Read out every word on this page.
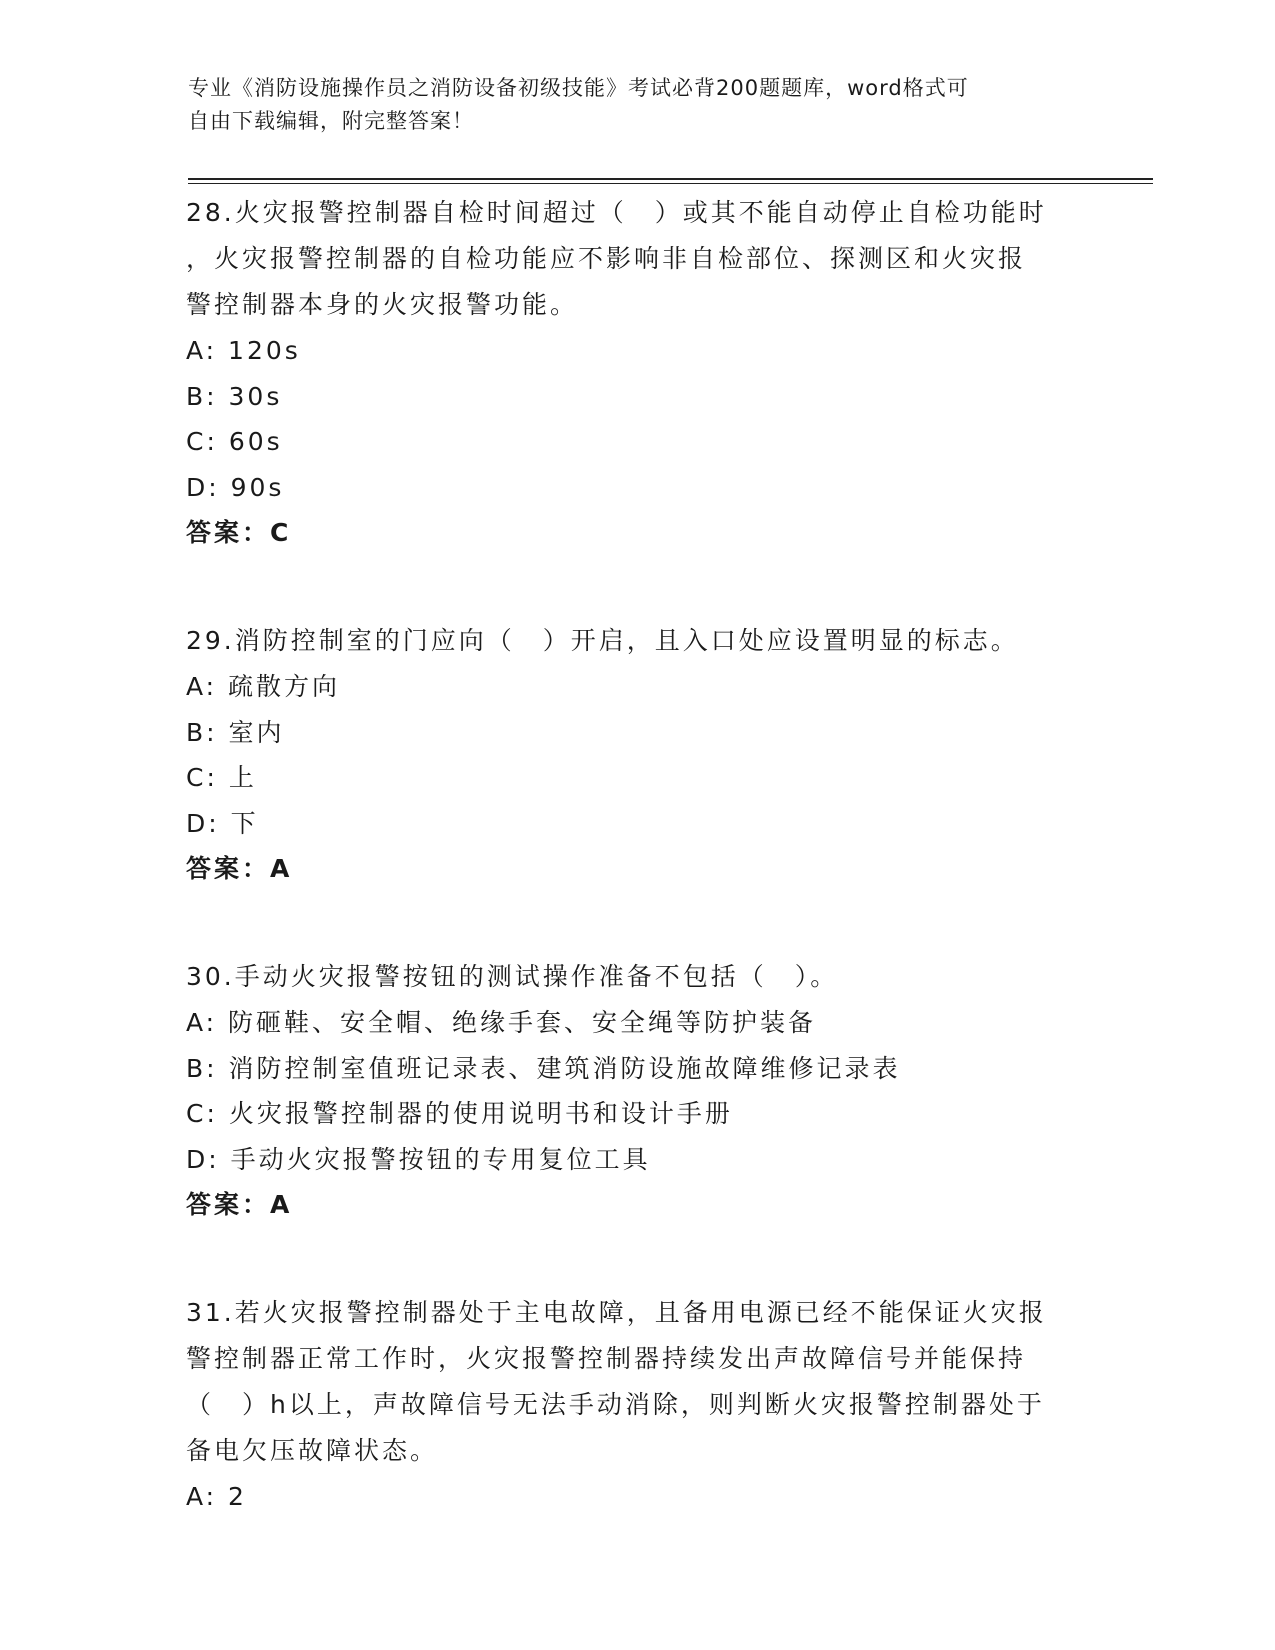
专业《消防设施操作员之消防设备初级技能》考试必背200题题库，word格式可
自由下载编辑，附完整答案！

28.火灾报警控制器自检时间超过（　）或其不能自动停止自检功能时

，火灾报警控制器的自检功能应不影响非自检部位、探测区和火灾报

警控制器本身的火灾报警功能。

A: 120s

B: 30s

C: 60s

D: 90s

答案：C

29.消防控制室的门应向（　）开启，且入口处应设置明显的标志。

A: 疏散方向

B: 室内

C: 上

D: 下

答案：A

30.手动火灾报警按钮的测试操作准备不包括（　）。

A: 防砸鞋、安全帽、绝缘手套、安全绳等防护装备

B: 消防控制室值班记录表、建筑消防设施故障维修记录表

C: 火灾报警控制器的使用说明书和设计手册

D: 手动火灾报警按钮的专用复位工具

答案：A

31.若火灾报警控制器处于主电故障，且备用电源已经不能保证火灾报

警控制器正常工作时，火灾报警控制器持续发出声故障信号并能保持

（　）h以上，声故障信号无法手动消除，则判断火灾报警控制器处于

备电欠压故障状态。

A: 2
